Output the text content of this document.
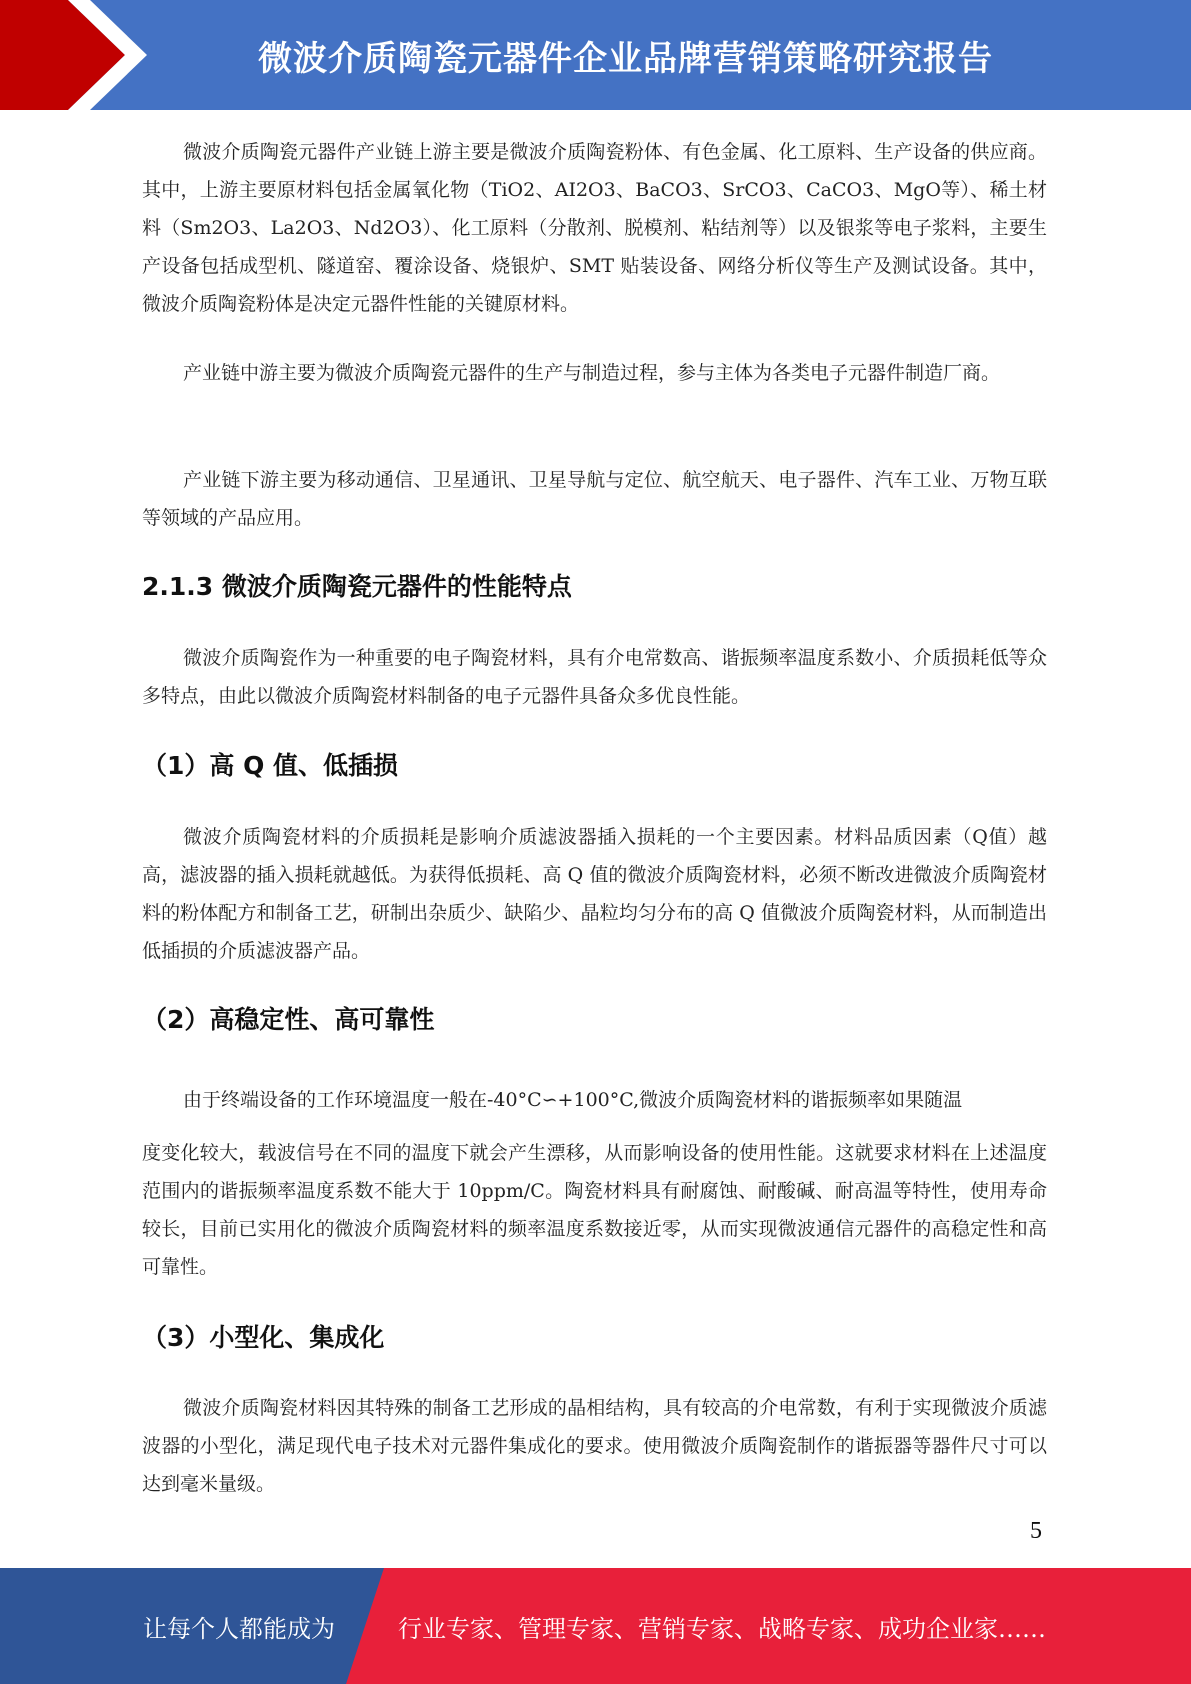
微波介质陶瓷元器件企业品牌营销策略研究报告

微波介质陶瓷元器件产业链上游主要是微波介质陶瓷粉体、有色金属、化工原料、生产设备的供应商。其中，上游主要原材料包括金属氧化物（TiO2、AI2O3、BaCO3、SrCO3、CaCO3、MgO等）、稀土材料（Sm2O3、La2O3、Nd2O3）、化工原料（分散剂、脱模剂、粘结剂等）以及银浆等电子浆料，主要生产设备包括成型机、隧道窑、覆涂设备、烧银炉、SMT 贴装设备、网络分析仪等生产及测试设备。其中，微波介质陶瓷粉体是决定元器件性能的关键原材料。

产业链中游主要为微波介质陶瓷元器件的生产与制造过程，参与主体为各类电子元器件制造厂商。

产业链下游主要为移动通信、卫星通讯、卫星导航与定位、航空航天、电子器件、汽车工业、万物互联等领域的产品应用。

2.1.3 微波介质陶瓷元器件的性能特点

微波介质陶瓷作为一种重要的电子陶瓷材料，具有介电常数高、谐振频率温度系数小、介质损耗低等众多特点，由此以微波介质陶瓷材料制备的电子元器件具备众多优良性能。

（1）高 Q 值、低插损

微波介质陶瓷材料的介质损耗是影响介质滤波器插入损耗的一个主要因素。材料品质因素（Q值）越高，滤波器的插入损耗就越低。为获得低损耗、高 Q 值的微波介质陶瓷材料，必须不断改进微波介质陶瓷材料的粉体配方和制备工艺，研制出杂质少、缺陷少、晶粒均匀分布的高 Q 值微波介质陶瓷材料，从而制造出低插损的介质滤波器产品。

（2）高稳定性、高可靠性

由于终端设备的工作环境温度一般在-40°C∽+100°C,微波介质陶瓷材料的谐振频率如果随温

度变化较大，载波信号在不同的温度下就会产生漂移，从而影响设备的使用性能。这就要求材料在上述温度范围内的谐振频率温度系数不能大于 10ppm/C。陶瓷材料具有耐腐蚀、耐酸碱、耐高温等特性，使用寿命较长，目前已实用化的微波介质陶瓷材料的频率温度系数接近零，从而实现微波通信元器件的高稳定性和高可靠性。

（3）小型化、集成化

微波介质陶瓷材料因其特殊的制备工艺形成的晶相结构，具有较高的介电常数，有利于实现微波介质滤波器的小型化，满足现代电子技术对元器件集成化的要求。使用微波介质陶瓷制作的谐振器等器件尺寸可以达到毫米量级。

5
让每个人都能成为	行业专家、管理专家、营销专家、战略专家、成功企业家……
